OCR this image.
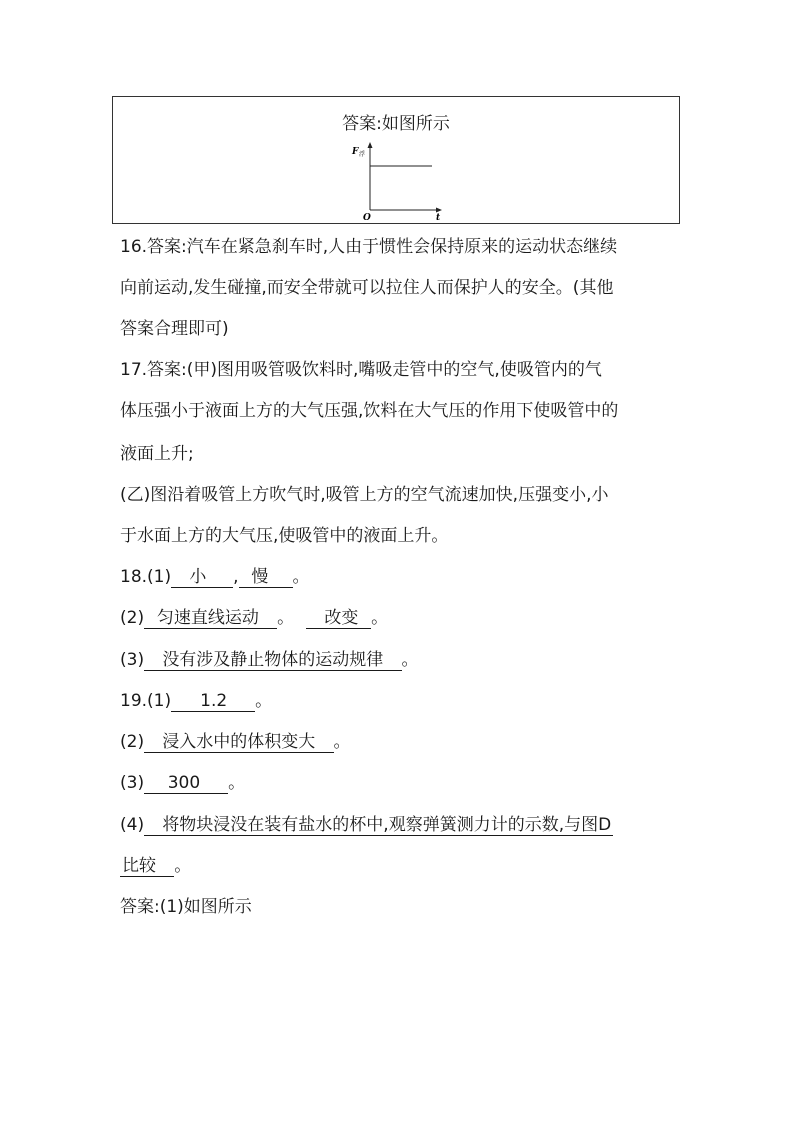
答案:如图所示
F 浮
O	t
16.答案:汽车在紧急刹车时,人由于惯性会保持原来的运动状态继续
向前运动,发生碰撞,而安全带就可以拉住人而保护人的安全。(其他
答案合理即可)
17.答案:(甲)图用吸管吸饮料时,嘴吸走管中的空气,使吸管内的气
体压强小于液面上方的大气压强,饮料在大气压的作用下使吸管中的
液面上升;
(乙)图沿着吸管上方吹气时,吸管上方的空气流速加快,压强变小,小
于水面上方的大气压,使吸管中的液面上升。
18.(1) 小 , 慢 。
(2) 匀速直线运动 。 改变 。
(3) 没有涉及静止物体的运动规律 。
19.(1) 1.2 。
(2) 浸入水中的体积变大 。
(3) 300 。
(4) 将物块浸没在装有盐水的杯中,观察弹簧测力计的示数,与图D
比较 。
答案:(1)如图所示
